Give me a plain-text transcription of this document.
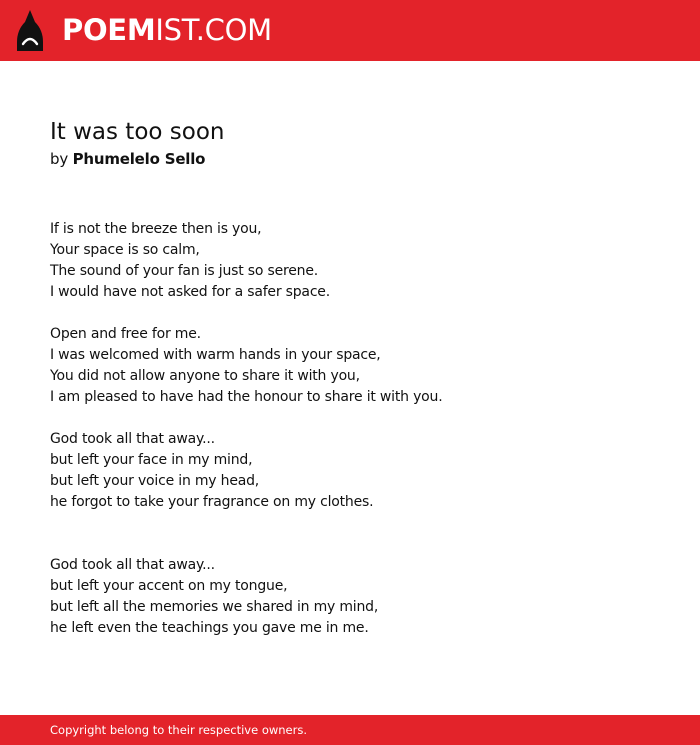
POEMIST.COM
It was too soon
by Phumelelo Sello
If is not the breeze then is you,
Your space is so calm,
The sound of your fan is just so serene.
I would have not asked for a safer space.
Open and free for me.
I was welcomed with warm hands in your space,
You did not allow anyone to share it with you,
I am pleased to have had the honour to share it with you.
God took all that away...
but left your face in my mind,
but left your voice in my head,
he forgot to take your fragrance on my clothes.
God took all that away...
but left your accent on my tongue,
but left all the memories we shared in my mind,
he left even the teachings you gave me in me.
Copyright belong to their respective owners.
